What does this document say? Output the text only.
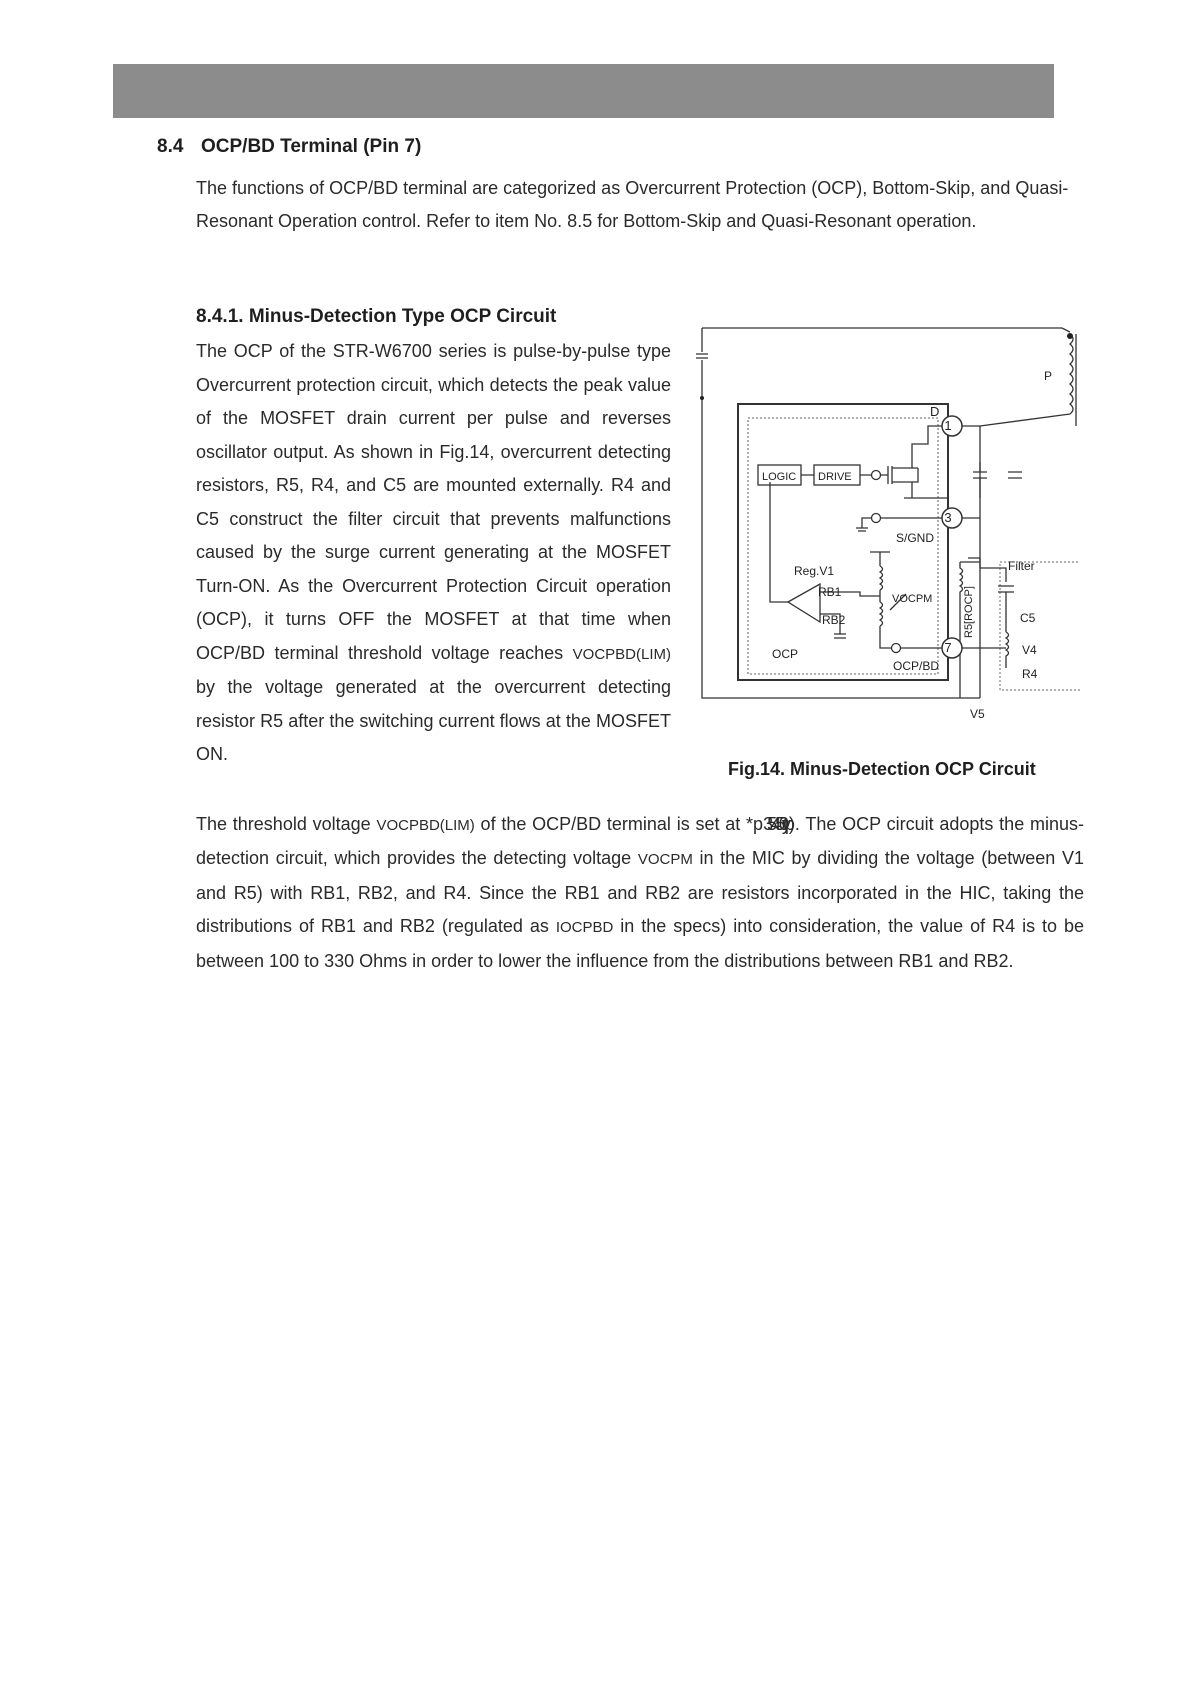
8.4 OCP/BD Terminal (Pin 7)

The functions of OCP/BD terminal are categorized as Overcurrent Protection (OCP), Bottom-Skip, and Quasi-Resonant Operation control. Refer to item No. 8.5 for Bottom-Skip and Quasi-Resonant operation.

8.4.1. Minus-Detection Type OCP Circuit

The OCP of the STR-W6700 series is pulse-by-pulse type Overcurrent protection circuit, which detects the peak value of the MOSFET drain current per pulse and reverses oscillator output. As shown in Fig.14, overcurrent detecting resistors, R5, R4, and C5 are mounted externally. R4 and C5 construct the filter circuit that prevents malfunctions caused by the surge current generating at the MOSFET Turn-ON. As the Overcurrent Protection Circuit operation (OCP), it turns OFF the MOSFET at that time when OCP/BD terminal threshold voltage reaches VOCPBD(LIM) by the voltage generated at the overcurrent detecting resistor R5 after the switching current flows at the MOSFET ON.

1
3
7
D
P
LOGIC DRIVE
S/GND
Reg.V1
RB1
RB2
VOCPM
OCP
OCP/BD
R5[ROCP]
Filter
C5
V4
R4
V5
Fig.14. Minus-Detection OCP Circuit

The threshold voltage VOCPBD(LIM) of the OCP/BD terminal is set at *p3545 0typ). The OCP circuit adopts the minus-detection circuit, which provides the detecting voltage VOCPM in the MIC by dividing the voltage (between V1 and R5) with RB1, RB2, and R4. Since the RB1 and RB2 are resistors incorporated in the HIC, taking the distributions of RB1 and RB2 (regulated as IOCPBD in the specs) into consideration, the value of R4 is to be between 100 to 330 Ohms in order to lower the influence from the distributions between RB1 and RB2.
